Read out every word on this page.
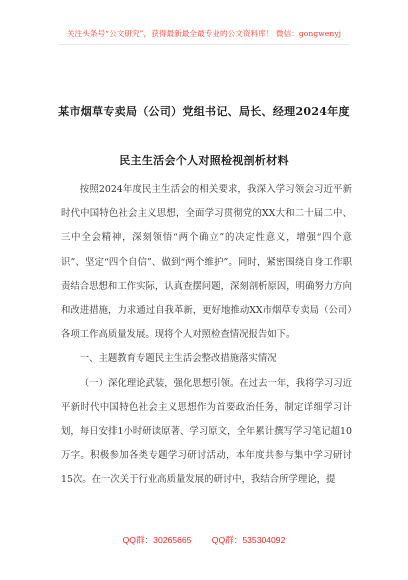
关注头条号“公文研究”，获得最新最全最专业的公文资料库！ 微信：gongwenyj
某市烟草专卖局（公司）党组书记、局长、经理2024年度
民主生活会个人对照检视剖析材料

按照2024年度民主生活会的相关要求，我深入学习领会习近平新时代中国特色社会主义思想，全面学习贯彻党的XX大和二十届二中、三中全会精神，深刻领悟“两个确立”的决定性意义，增强“四个意识”、坚定“四个自信”、做到“两个维护”。同时，紧密围绕自身工作职责结合思想和工作实际，认真查摆问题，深刻剖析原因，明确努力方向和改进措施，力求通过自我革新，更好地推动XX市烟草专卖局（公司）各项工作高质量发展。现将个人对照检查情况报告如下。

一、主题教育专题民主生活会整改措施落实情况

（一）深化理论武装，强化思想引领。在过去一年，我将学习习近平新时代中国特色社会主义思想作为首要政治任务，制定详细学习计划，每日安排1小时研读原著、学习原文，全年累计撰写学习笔记超10万字。积极参加各类专题学习研讨活动，本年度共参与集中学习研讨15次。在一次关于行业高质量发展的研讨中，我结合所学理论，提

QQ群：30265665 QQ群：535304092
